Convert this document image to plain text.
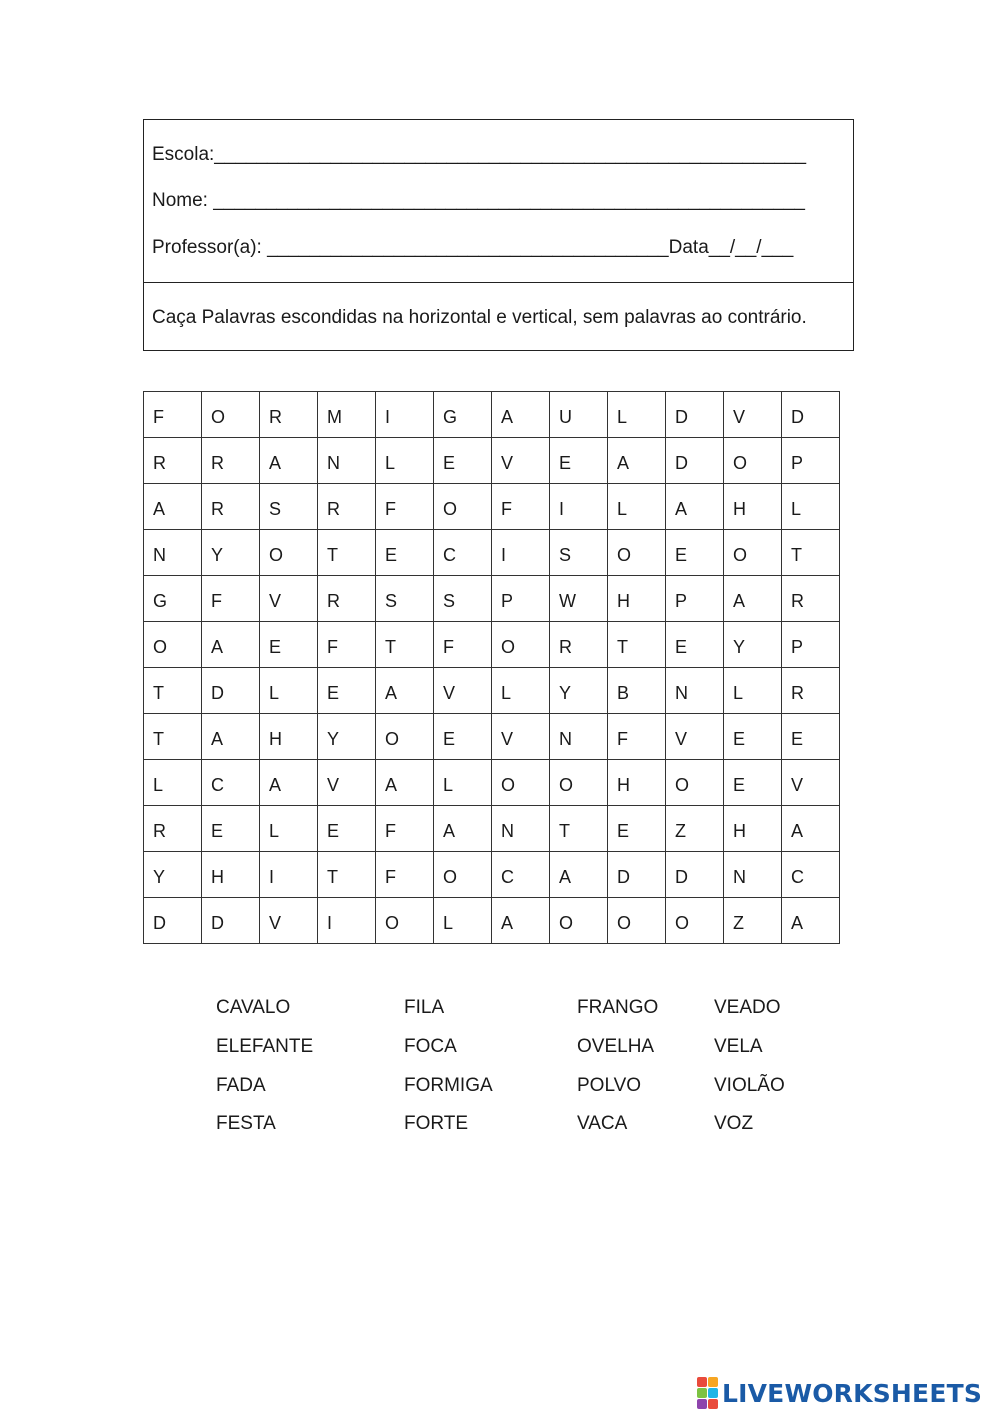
Escola:________________________________________________________
Nome: ________________________________________________________
Professor(a): ______________________________________Data__/__/___
Caça Palavras escondidas na horizontal e vertical, sem palavras ao contrário.
F	O	R	M	I	G	A	U	L	D	V	D
R	R	A	N	L	E	V	E	A	D	O	P
A	R	S	R	F	O	F	I	L	A	H	L
N	Y	O	T	E	C	I	S	O	E	O	T
G	F	V	R	S	S	P	W	H	P	A	R
O	A	E	F	T	F	O	R	T	E	Y	P
T	D	L	E	A	V	L	Y	B	N	L	R
T	A	H	Y	O	E	V	N	F	V	E	E
L	C	A	V	A	L	O	O	H	O	E	V
R	E	L	E	F	A	N	T	E	Z	H	A
Y	H	I	T	F	O	C	A	D	D	N	C
D	D	V	I	O	L	A	O	O	O	Z	A
CAVALO	FILA	FRANGO	VEADO
ELEFANTE	FOCA	OVELHA	VELA
FADA	FORMIGA	POLVO	VIOLÃO
FESTA	FORTE	VACA	VOZ
LIVEWORKSHEETS
